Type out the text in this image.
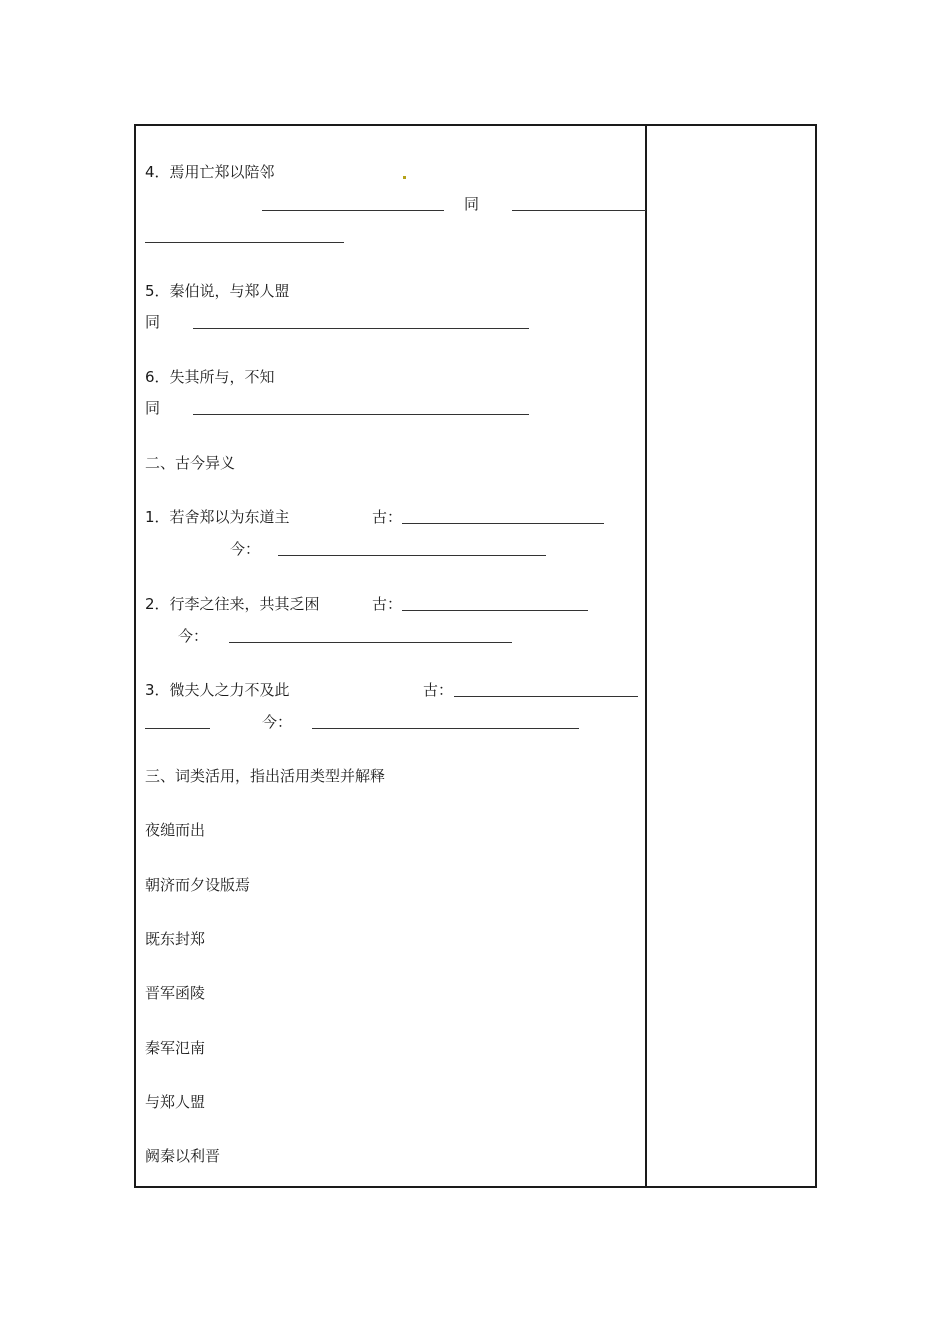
4．焉用亡郑以陪邻
同
5．秦伯说，与郑人盟
同
6．失其所与，不知
同
二、古今异义
1．若舍郑以为东道主	古：
今：
2．行李之往来，共其乏困	古：
今：
3．微夫人之力不及此	古：
今：
三、词类活用，指出活用类型并解释
夜缒而出
朝济而夕设版焉
既东封郑
晋军函陵
秦军氾南
与郑人盟
阙秦以利晋
